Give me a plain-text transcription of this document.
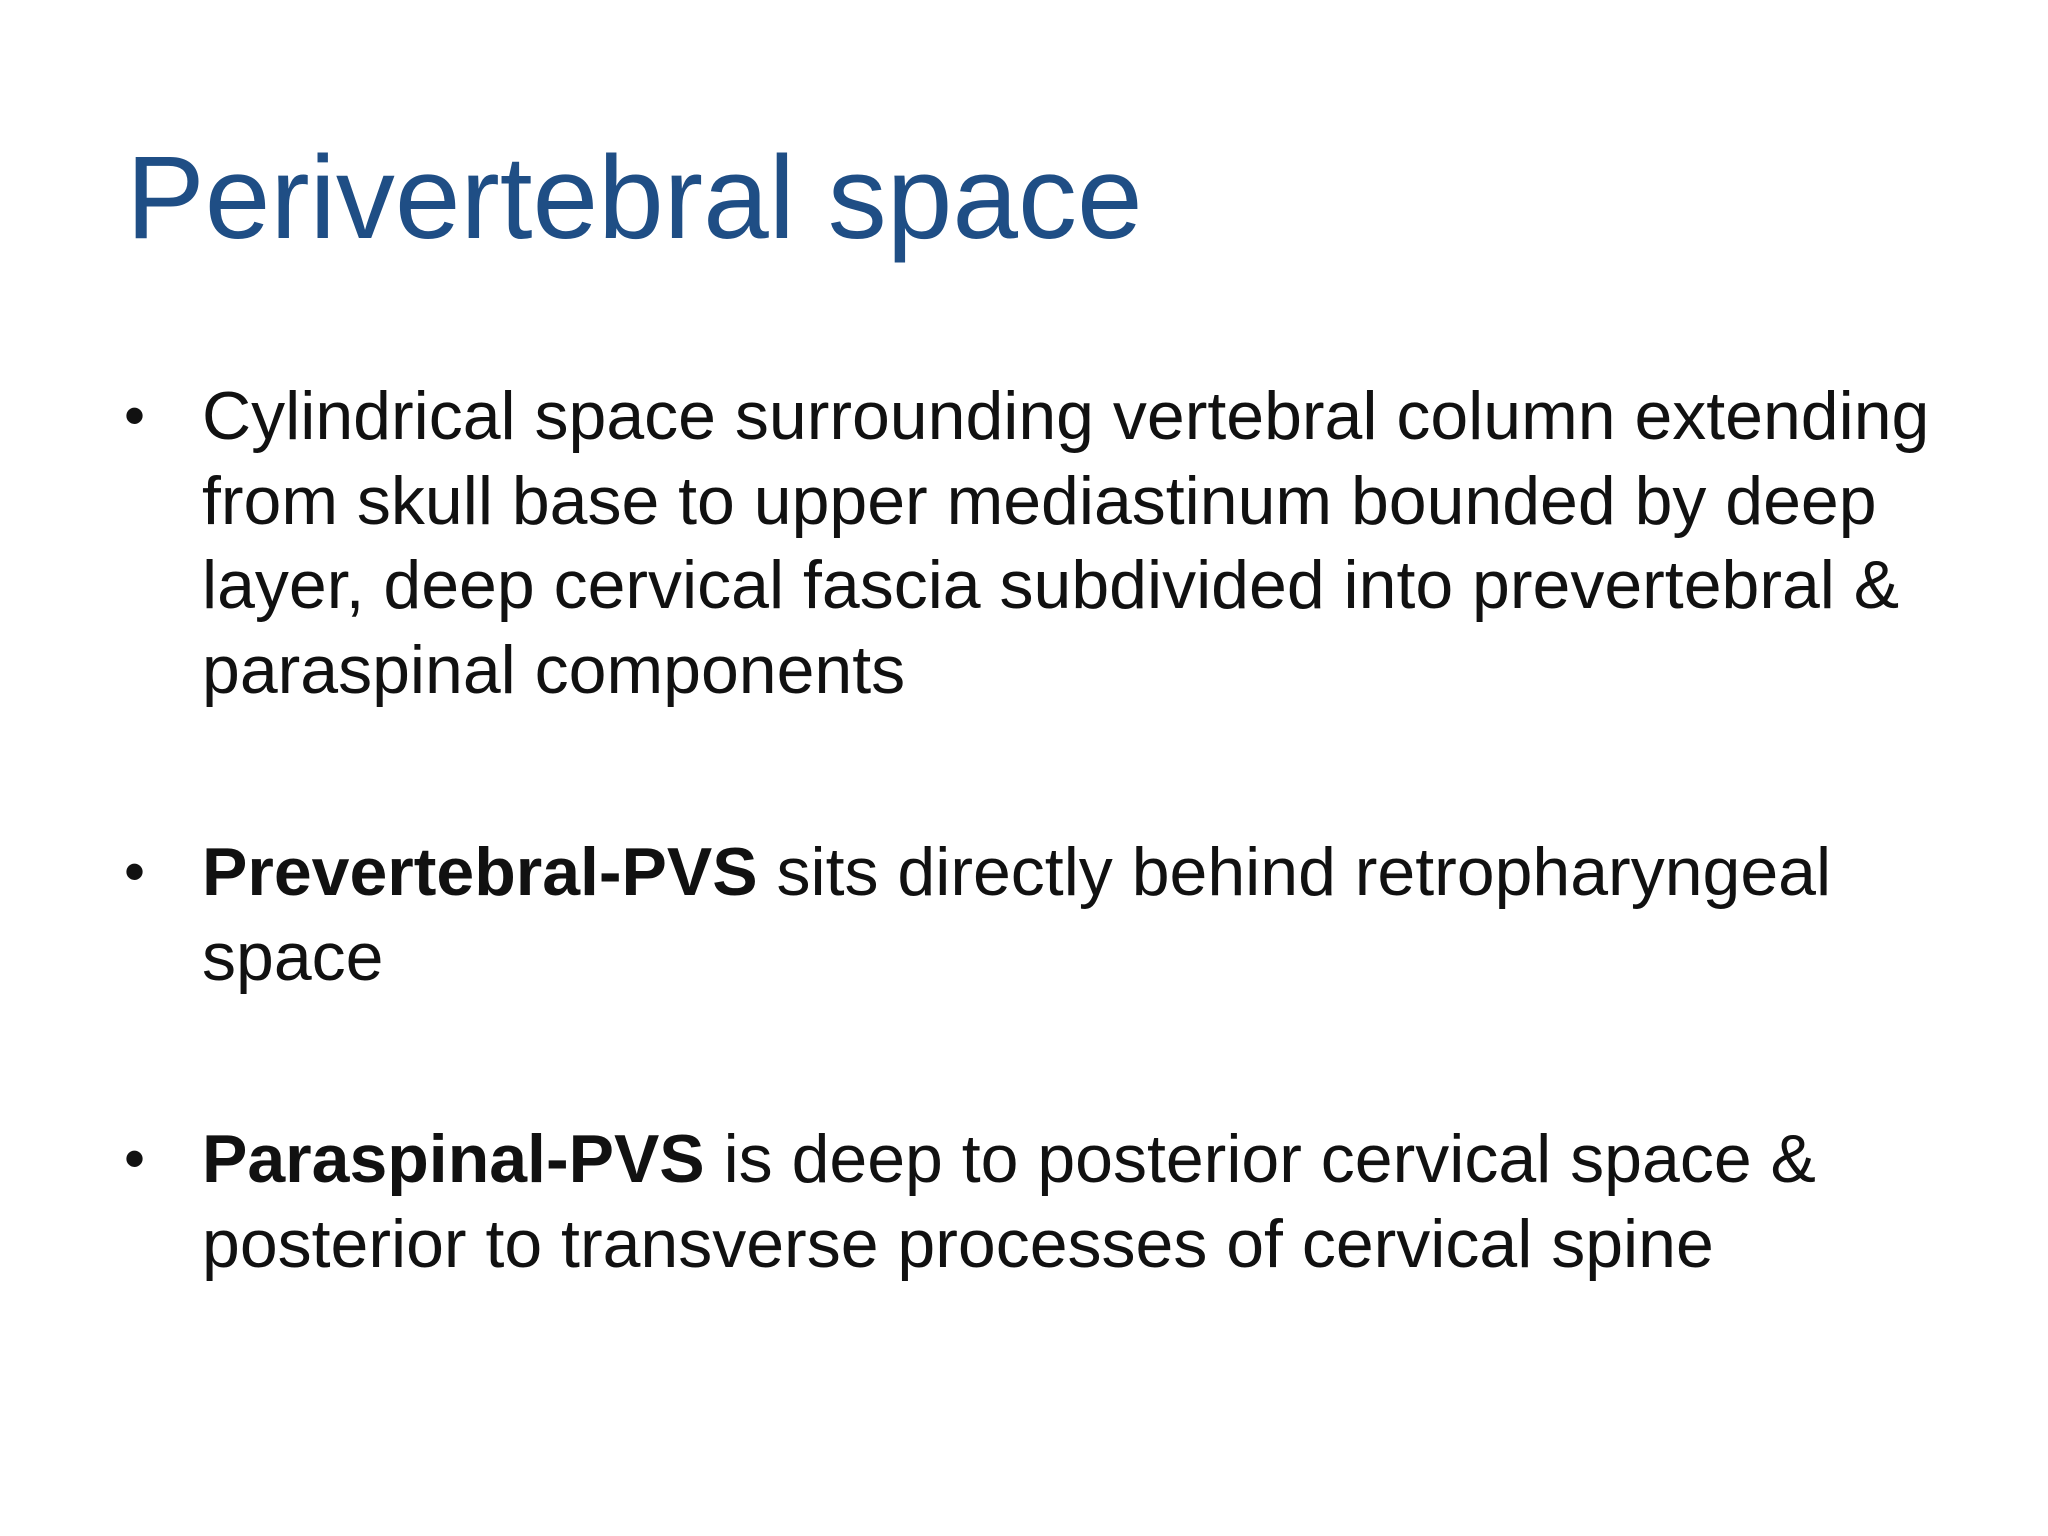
Perivertebral space
• Cylindrical space surrounding vertebral column extending from skull base to upper mediastinum bounded by deep layer, deep cervical fascia subdivided into prevertebral & paraspinal components
• Prevertebral-PVS sits directly behind retropharyngeal space
• Paraspinal-PVS is deep to posterior cervical space & posterior to transverse processes of cervical spine
